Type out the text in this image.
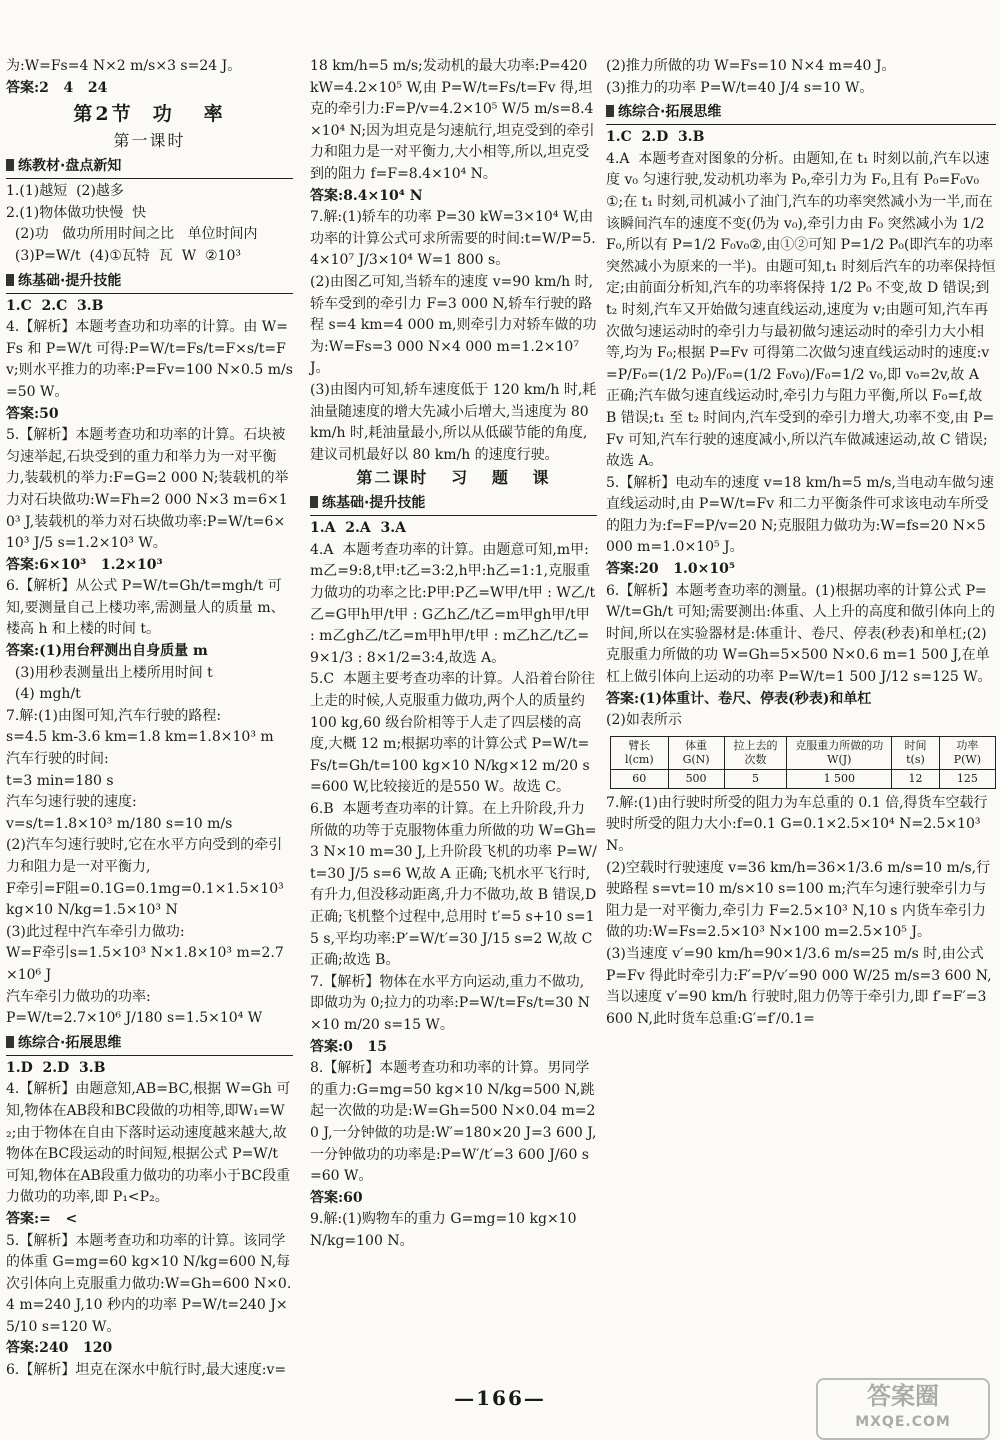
为:W=Fs=4 N×2 m/s×3 s=24 J。

答案:2   4   24

第2节  功   率

第一课时

练教材·盘点新知

1.(1)越短  (2)越多

2.(1)物体做功快慢  快

(2)功   做功所用时间之比   单位时间内

(3)P=W/t  (4)①瓦特  瓦  W  ②10³

练基础·提升技能

1.C  2.C  3.B

4.【解析】本题考查功和功率的计算。由 W=Fs 和 P=W/t 可得:P=W/t=Fs/t=F×s/t=Fv;则水平推力的功率:P=Fv=100 N×0.5 m/s=50 W。

答案:50

5.【解析】本题考查功和功率的计算。石块被匀速举起,石块受到的重力和举力为一对平衡力,装载机的举力:F=G=2 000 N;装载机的举力对石块做功:W=Fh=2 000 N×3 m=6×10³ J,装载机的举力对石块做功率:P=W/t=6×10³ J/5 s=1.2×10³ W。

答案:6×10³   1.2×10³

6.【解析】从公式 P=W/t=Gh/t=mgh/t 可知,要测量自己上楼功率,需测量人的质量 m、楼高 h 和上楼的时间 t。

答案:(1)用台秤测出自身质量 m

(3)用秒表测量出上楼所用时间 t

(4) mgh/t

7.解:(1)由图可知,汽车行驶的路程:

s=4.5 km-3.6 km=1.8 km=1.8×10³ m

汽车行驶的时间:

t=3 min=180 s

汽车匀速行驶的速度:

v=s/t=1.8×10³ m/180 s=10 m/s

(2)汽车匀速行驶时,它在水平方向受到的牵引力和阻力是一对平衡力,

F牵引=F阻=0.1G=0.1mg=0.1×1.5×10³ kg×10 N/kg=1.5×10³ N

(3)此过程中汽车牵引力做功:

W=F牵引s=1.5×10³ N×1.8×10³ m=2.7×10⁶ J

汽车牵引力做功的功率:

P=W/t=2.7×10⁶ J/180 s=1.5×10⁴ W

练综合·拓展思维

1.D  2.D  3.B

4.【解析】由题意知,AB=BC,根据 W=Gh 可知,物体在AB段和BC段做的功相等,即W₁=W₂;由于物体在自由下落时运动速度越来越大,故物体在BC段运动的时间短,根据公式 P=W/t 可知,物体在AB段重力做功的功率小于BC段重力做功的功率,即 P₁<P₂。

答案:=   <

5.【解析】本题考查功和功率的计算。该同学的体重 G=mg=60 kg×10 N/kg=600 N,每次引体向上克服重力做功:W=Gh=600 N×0.4 m=240 J,10 秒内的功率 P=W/t=240 J×5/10 s=120 W。

答案:240   120

6.【解析】坦克在深水中航行时,最大速度:v=

18 km/h=5 m/s;发动机的最大功率:P=420 kW=4.2×10⁵ W,由 P=W/t=Fs/t=Fv 得,坦克的牵引力:F=P/v=4.2×10⁵ W/5 m/s=8.4×10⁴ N;因为坦克是匀速航行,坦克受到的牵引力和阻力是一对平衡力,大小相等,所以,坦克受到的阻力 f=F=8.4×10⁴ N。

答案:8.4×10⁴ N

7.解:(1)轿车的功率 P=30 kW=3×10⁴ W,由功率的计算公式可求所需要的时间:t=W/P=5.4×10⁷ J/3×10⁴ W=1 800 s。

(2)由图乙可知,当轿车的速度 v=90 km/h 时,轿车受到的牵引力 F=3 000 N,轿车行驶的路程 s=4 km=4 000 m,则牵引力对轿车做的功为:W=Fs=3 000 N×4 000 m=1.2×10⁷ J。

(3)由图内可知,轿车速度低于 120 km/h 时,耗油量随速度的增大先减小后增大,当速度为 80 km/h 时,耗油量最小,所以从低碳节能的角度,建议司机最好以 80 km/h 的速度行驶。

第二课时   习   题   课

练基础·提升技能

1.A  2.A  3.A

4.A  本题考查功率的计算。由题意可知,m甲:m乙=9:8,t甲:t乙=3:2,h甲:h乙=1:1,克服重力做功的功率之比:P甲:P乙=W甲/t甲 : W乙/t乙=G甲h甲/t甲 : G乙h乙/t乙=m甲gh甲/t甲 : m乙gh乙/t乙=m甲h甲/t甲 : m乙h乙/t乙=9×1/3 : 8×1/2=3:4,故选 A。

5.C  本题主要考查功率的计算。人沿着台阶往上走的时候,人克服重力做功,两个人的质量约 100 kg,60 级台阶相等于人走了四层楼的高度,大概 12 m;根据功率的计算公式 P=W/t=Fs/t=Gh/t=100 kg×10 N/kg×12 m/20 s=600 W,比较接近的是550 W。故选 C。

6.B  本题考查功率的计算。在上升阶段,升力所做的功等于克服物体重力所做的功 W=Gh=3 N×10 m=30 J,上升阶段飞机的功率 P=W/t=30 J/5 s=6 W,故 A 正确;飞机水平飞行时,有升力,但没移动距离,升力不做功,故 B 错误,D 正确;飞机整个过程中,总用时 t′=5 s+10 s=15 s,平均功率:P′=W/t′=30 J/15 s=2 W,故 C 正确;故选 B。

7.【解析】物体在水平方向运动,重力不做功,即做功为 0;拉力的功率:P=W/t=Fs/t=30 N×10 m/20 s=15 W。

答案:0   15

8.【解析】本题考查功和功率的计算。男同学的重力:G=mg=50 kg×10 N/kg=500 N,跳起一次做的功是:W=Gh=500 N×0.04 m=20 J,一分钟做的功是:W′=180×20 J=3 600 J,一分钟做功的功率是:P=W′/t′=3 600 J/60 s=60 W。

答案:60

9.解:(1)购物车的重力 G=mg=10 kg×10 N/kg=100 N。

(2)推力所做的功 W=Fs=10 N×4 m=40 J。

(3)推力的功率 P=W/t=40 J/4 s=10 W。

练综合·拓展思维

1.C  2.D  3.B

4.A  本题考查对图象的分析。由题知,在 t₁ 时刻以前,汽车以速度 v₀ 匀速行驶,发动机功率为 P₀,牵引力为 F₀,且有 P₀=F₀v₀①;在 t₁ 时刻,司机减小了油门,汽车的功率突然减小为一半,而在该瞬间汽车的速度不变(仍为 v₀),牵引力由 F₀ 突然减小为 1/2 F₀,所以有 P=1/2 F₀v₀②,由①②可知 P=1/2 P₀(即汽车的功率突然减小为原来的一半)。由题可知,t₁ 时刻后汽车的功率保持恒定;由前面分析知,汽车的功率将保持 1/2 P₀ 不变,故 D 错误;到 t₂ 时刻,汽车又开始做匀速直线运动,速度为 v;由题可知,汽车再次做匀速运动时的牵引力与最初做匀速运动时的牵引力大小相等,均为 F₀;根据 P=Fv 可得第二次做匀速直线运动时的速度:v=P/F₀=(1/2 P₀)/F₀=(1/2 F₀v₀)/F₀=1/2 v₀,即 v₀=2v,故 A 正确;汽车做匀速直线运动时,牵引力与阻力平衡,所以 F₀=f,故 B 错误;t₁ 至 t₂ 时间内,汽车受到的牵引力增大,功率不变,由 P=Fv 可知,汽车行驶的速度减小,所以汽车做减速运动,故 C 错误;故选 A。

5.【解析】电动车的速度 v=18 km/h=5 m/s,当电动车做匀速直线运动时,由 P=W/t=Fv 和二力平衡条件可求该电动车所受的阻力为:f=F=P/v=20 N;克服阻力做功为:W=fs=20 N×5 000 m=1.0×10⁵ J。

答案:20   1.0×10⁵

6.【解析】本题考查功率的测量。(1)根据功率的计算公式 P=W/t=Gh/t 可知;需要测出:体重、人上升的高度和做引体向上的时间,所以在实验器材是:体重计、卷尺、停表(秒表)和单杠;(2)克服重力所做的功 W=Gh=5×500 N×0.6 m=1 500 J,在单杠上做引体向上运动的功率 P=W/t=1 500 J/12 s=125 W。

答案:(1)体重计、卷尺、停表(秒表)和单杠

(2)如表所示

臂长 l(cm)	体重 G(N)	拉上去的次数	克服重力所做的功 W(J)	时间 t(s)	功率 P(W)
60	500	5	1 500	12	125

7.解:(1)由行驶时所受的阻力为车总重的 0.1 倍,得货车空载行驶时所受的阻力大小:f=0.1 G=0.1×2.5×10⁴ N=2.5×10³ N。

(2)空载时行驶速度 v=36 km/h=36×1/3.6 m/s=10 m/s,行驶路程 s=vt=10 m/s×10 s=100 m;汽车匀速行驶牵引力与阻力是一对平衡力,牵引力 F=2.5×10³ N,10 s 内货车牵引力做的功:W=Fs=2.5×10³ N×100 m=2.5×10⁵ J。

(3)当速度 v′=90 km/h=90×1/3.6 m/s=25 m/s 时,由公式 P=Fv 得此时牵引力:F′=P/v′=90 000 W/25 m/s=3 600 N,当以速度 v′=90 km/h 行驶时,阻力仍等于牵引力,即 f′=F′=3 600 N,此时货车总重:G′=f′/0.1=

—166—	答案圈
MXQE.COM
